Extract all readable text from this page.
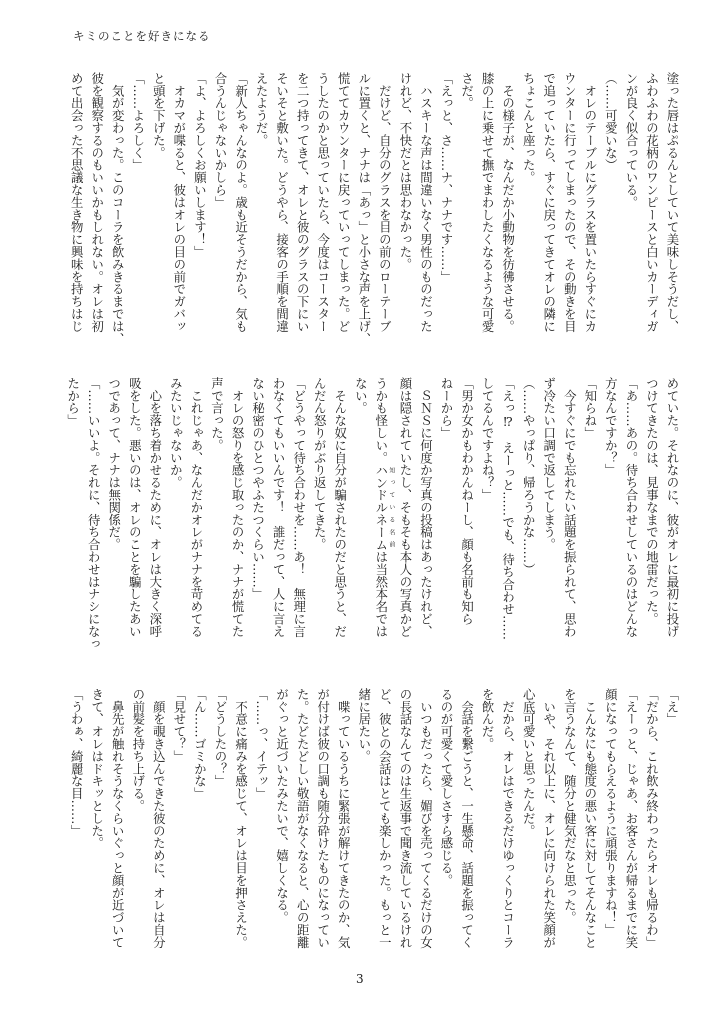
キミのことを好きになる
塗った唇はぷるんとしていて美味しそうだし、
ふわふわの花柄のワンピースと白いカーディガ
ンが良く似合っている。
（……可愛いな）
　オレのテーブルにグラスを置いたらすぐにカ
ウンターに行ってしまったので、その動きを目
で追っていたら、すぐに戻ってきてオレの隣に
ちょこんと座った。
　その様子が、なんだか小動物を彷彿させる。
膝の上に乗せて撫でまわしたくなるような可愛
さだ。
「えっと、さ……ナ、ナナです……」
　ハスキーな声は間違いなく男性のものだった
けれど、不快だとは思わなかった。
　だけど、自分のグラスを目の前のローテーブ
ルに置くと、ナナは「あっ」と小さな声を上げ、
慌ててカウンターに戻っていってしまった。ど
うしたのかと思っていたら、今度はコースター
を二つ持ってきて、オレと彼のグラスの下にい
そいそと敷いた。どうやら、接客の手順を間違
えたようだ。
「新人ちゃんなのよ。歳も近そうだから、気も
合うんじゃないかしら」
「よ、よろしくお願いします！」
　オカマが喋ると、彼はオレの目の前でガバッ
と頭を下げた。
「……よろしく」
　気が変わった。このコーラを飲みきるまでは、
彼を観察するのもいいかもしれない。オレは初
めて出会った不思議な生き物に興味を持ちはじ
めていた。それなのに、彼がオレに最初に投げ
つけてきたのは、見事なまでの地雷だった。
「あ……あの。待ち合わせしているのはどんな
方なんですか？」
「知らね」
　今すぐにでも忘れたい話題を振られて、思わ
ず冷たい口調で返してしまう。
（……やっぱり、帰ろうかな……）
「えっ⁉　えーっと……でも、待ち合わせ……
してるんですよね？」
「男か女かもわかんねーし、顔も名前も知ら
ねーから」
　ＳＮＳに何度か写真の投稿はあったけれど、
顔は隠されていたし、そもそも本人の写真かど
うかも怪しい。ハンドルネーム 知っている名前は当然本名では
ない。
　そんな奴に自分が騙されたのだと思うと、だ
んだん怒りがぶり返してきた。
「どうやって待ち合わせを……あ！　無理に言
わなくてもいいんです！　誰だって、人に言え
ない秘密のひとつやふたつくらい……」
　オレの怒りを感じ取ったのか、ナナが慌てた
声で言った。
　これじゃあ、なんだかオレがナナを苛めてる
みたいじゃないか。
　心を落ち着かせるために、オレは大きく深呼
吸をした。悪いのは、オレのことを騙したあい
つであって、ナナは無関係だ。
「……いいよ。それに、待ち合わせはナシになっ
たから」
「え」
「だから、これ飲み終わったらオレも帰るわ」
「えーっと、じゃあ、お客さんが帰るまでに笑
顔になってもらえるように頑張りますね！」
　こんなにも態度の悪い客に対してそんなこと
を言うなんて、随分と健気だなと思った。
　いや、それ以上に、オレに向けられた笑顔が
心底可愛いと思ったんだ。
　だから、オレはできるだけゆっくりとコーラ
を飲んだ。
　会話を繋ごうと、一生懸命、話題を振ってく
るのが可愛くて愛しさすら感じる。
　いつもだったら、媚びを売ってくるだけの女
の長話なんてのは生返事で聞き流しているけれ
ど、彼との会話はとても楽しかった。もっと一
緒に居たい。
　喋っているうちに緊張が解けてきたのか、気
が付けば彼の口調も随分砕けたものになってい
た。たどたどしい敬語がなくなると、心の距離
がぐっと近づいたみたいで、嬉しくなる。
「……っ、イテッ」
　不意に痛みを感じて、オレは目を押さえた。
「どうしたの？」
「ん……ゴミかな」
「見せて？」
　顔を覗き込んできた彼のために、オレは自分
の前髪を持ち上げる。
　鼻先が触れそうなくらいぐっと顔が近づいて
きて、オレはドキッとした。
「うわぁ、綺麗な目……」
3
